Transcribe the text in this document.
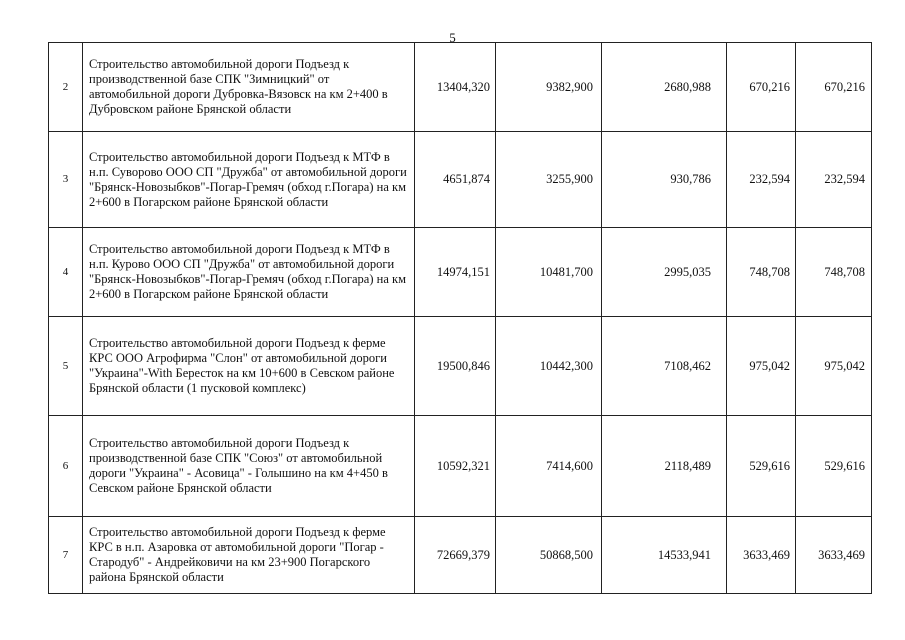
5
2	Строительство автомобильной дороги Подъезд к производственной базе СПК "Зимницкий" от автомобильной дороги Дубровка-Вязовск на км 2+400 в Дубровском районе Брянской области	13404,320	9382,900	2680,988	670,216	670,216
3	Строительство автомобильной дороги Подъезд к МТФ в н.п. Суворово ООО СП "Дружба" от автомобильной дороги "Брянск-Новозыбков"-Погар-Гремяч (обход г.Погара) на км 2+600 в Погарском районе Брянской области	4651,874	3255,900	930,786	232,594	232,594
4	Строительство автомобильной дороги Подъезд к МТФ в н.п. Курово ООО СП "Дружба" от автомобильной дороги "Брянск-Новозыбков"-Погар-Гремяч (обход г.Погара) на км 2+600 в Погарском районе Брянской области	14974,151	10481,700	2995,035	748,708	748,708
5	Строительство автомобильной дороги Подъезд к ферме КРС ООО Агрофирма "Слон" от автомобильной дороги "Украина"-With Бересток на км 10+600 в Севском районе Брянской области (1 пусковой комплекс)	19500,846	10442,300	7108,462	975,042	975,042
6	Строительство автомобильной дороги Подъезд к производственной базе СПК "Союз" от автомобильной дороги "Украина" - Асовица" - Голышино на км 4+450 в Севском районе Брянской области	10592,321	7414,600	2118,489	529,616	529,616
7	Строительство автомобильной дороги Подъезд к ферме КРС в н.п. Азаровка от автомобильной дороги "Погар - Стародуб" - Андрейковичи на км 23+900 Погарского района Брянской области	72669,379	50868,500	14533,941	3633,469	3633,469
